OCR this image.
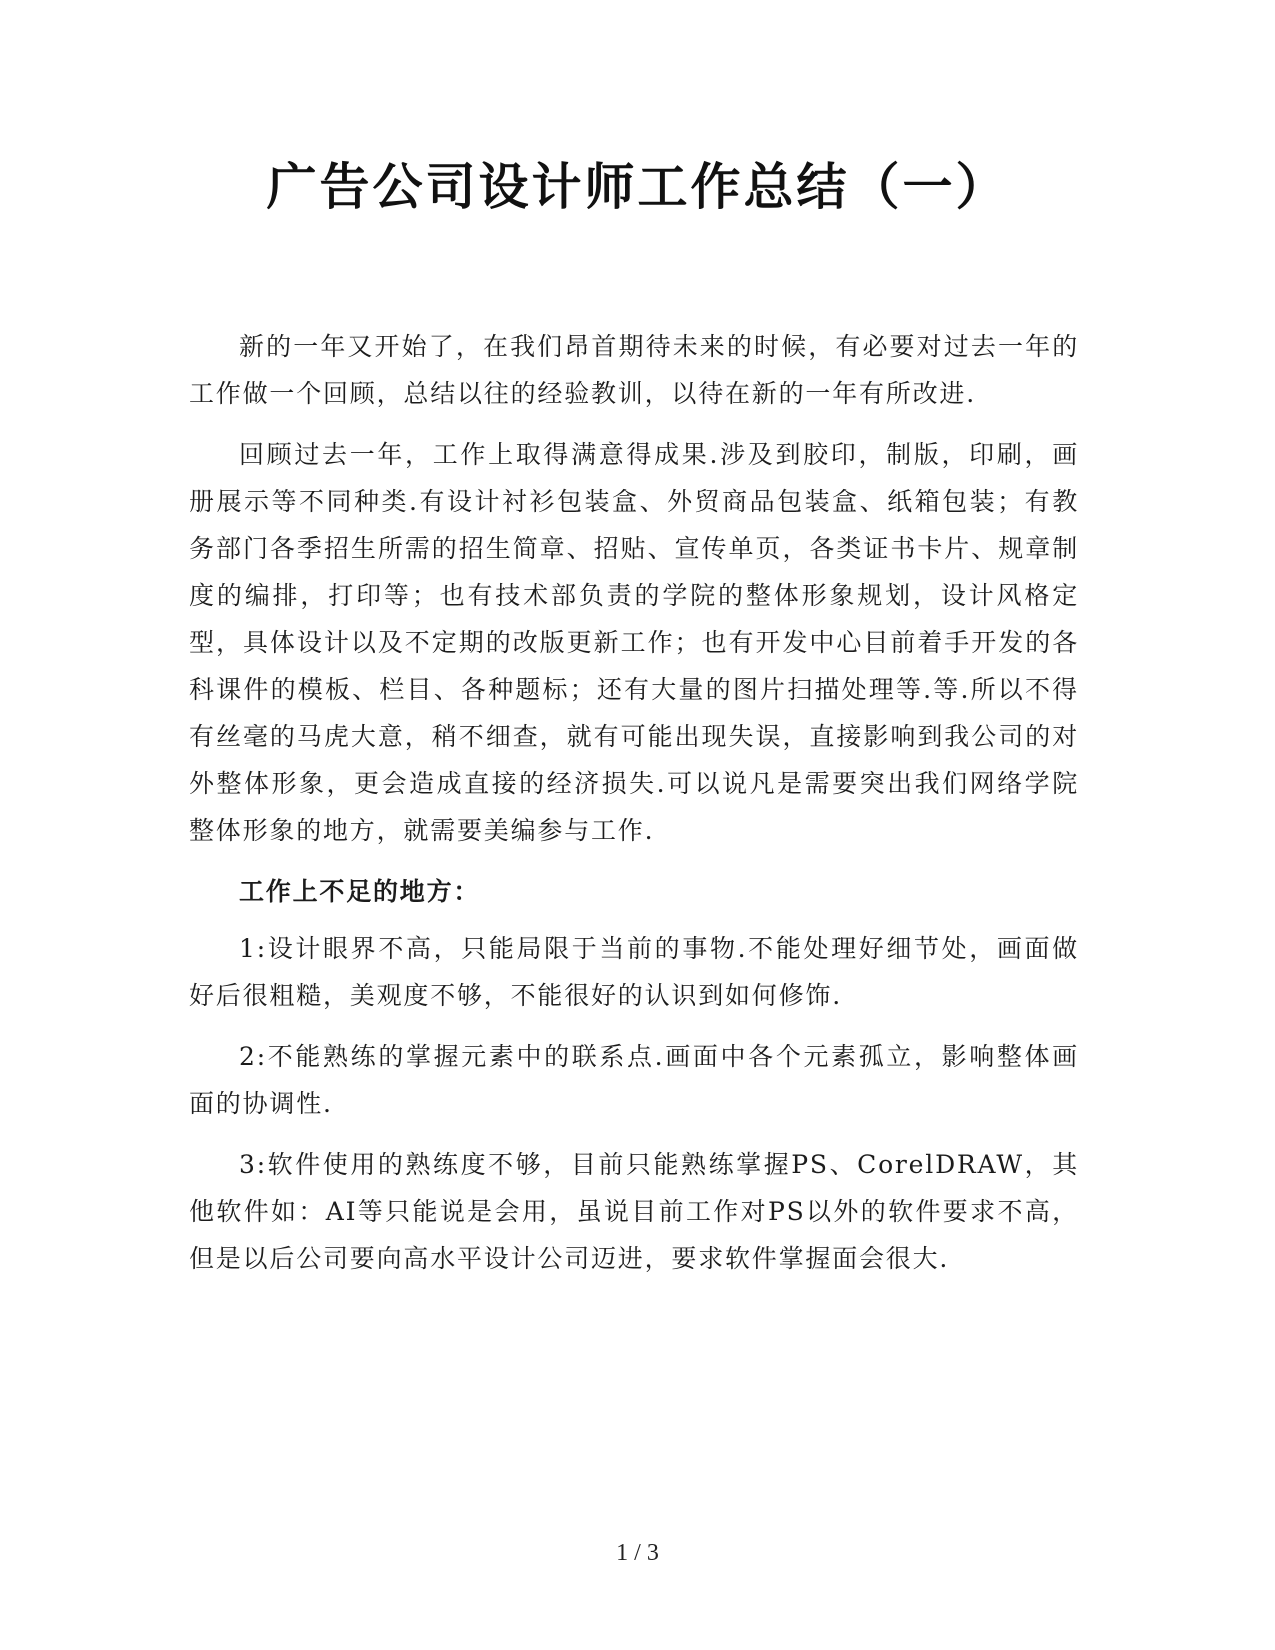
广告公司设计师工作总结（一）

新的一年又开始了，在我们昂首期待未来的时候，有必要对过去一年的工作做一个回顾，总结以往的经验教训，以待在新的一年有所改进.

回顾过去一年，工作上取得满意得成果.涉及到胶印，制版，印刷，画册展示等不同种类.有设计衬衫包装盒、外贸商品包装盒、纸箱包装；有教务部门各季招生所需的招生简章、招贴、宣传单页，各类证书卡片、规章制度的编排，打印等；也有技术部负责的学院的整体形象规划，设计风格定型，具体设计以及不定期的改版更新工作；也有开发中心目前着手开发的各科课件的模板、栏目、各种题标；还有大量的图片扫描处理等.等.所以不得有丝毫的马虎大意，稍不细查，就有可能出现失误，直接影响到我公司的对外整体形象，更会造成直接的经济损失.可以说凡是需要突出我们网络学院整体形象的地方，就需要美编参与工作.

工作上不足的地方：

1:设计眼界不高，只能局限于当前的事物.不能处理好细节处，画面做好后很粗糙，美观度不够，不能很好的认识到如何修饰.

2:不能熟练的掌握元素中的联系点.画面中各个元素孤立，影响整体画面的协调性.

3:软件使用的熟练度不够，目前只能熟练掌握PS、CorelDRAW，其他软件如：AI等只能说是会用，虽说目前工作对PS以外的软件要求不高，但是以后公司要向高水平设计公司迈进，要求软件掌握面会很大.

1 / 3
